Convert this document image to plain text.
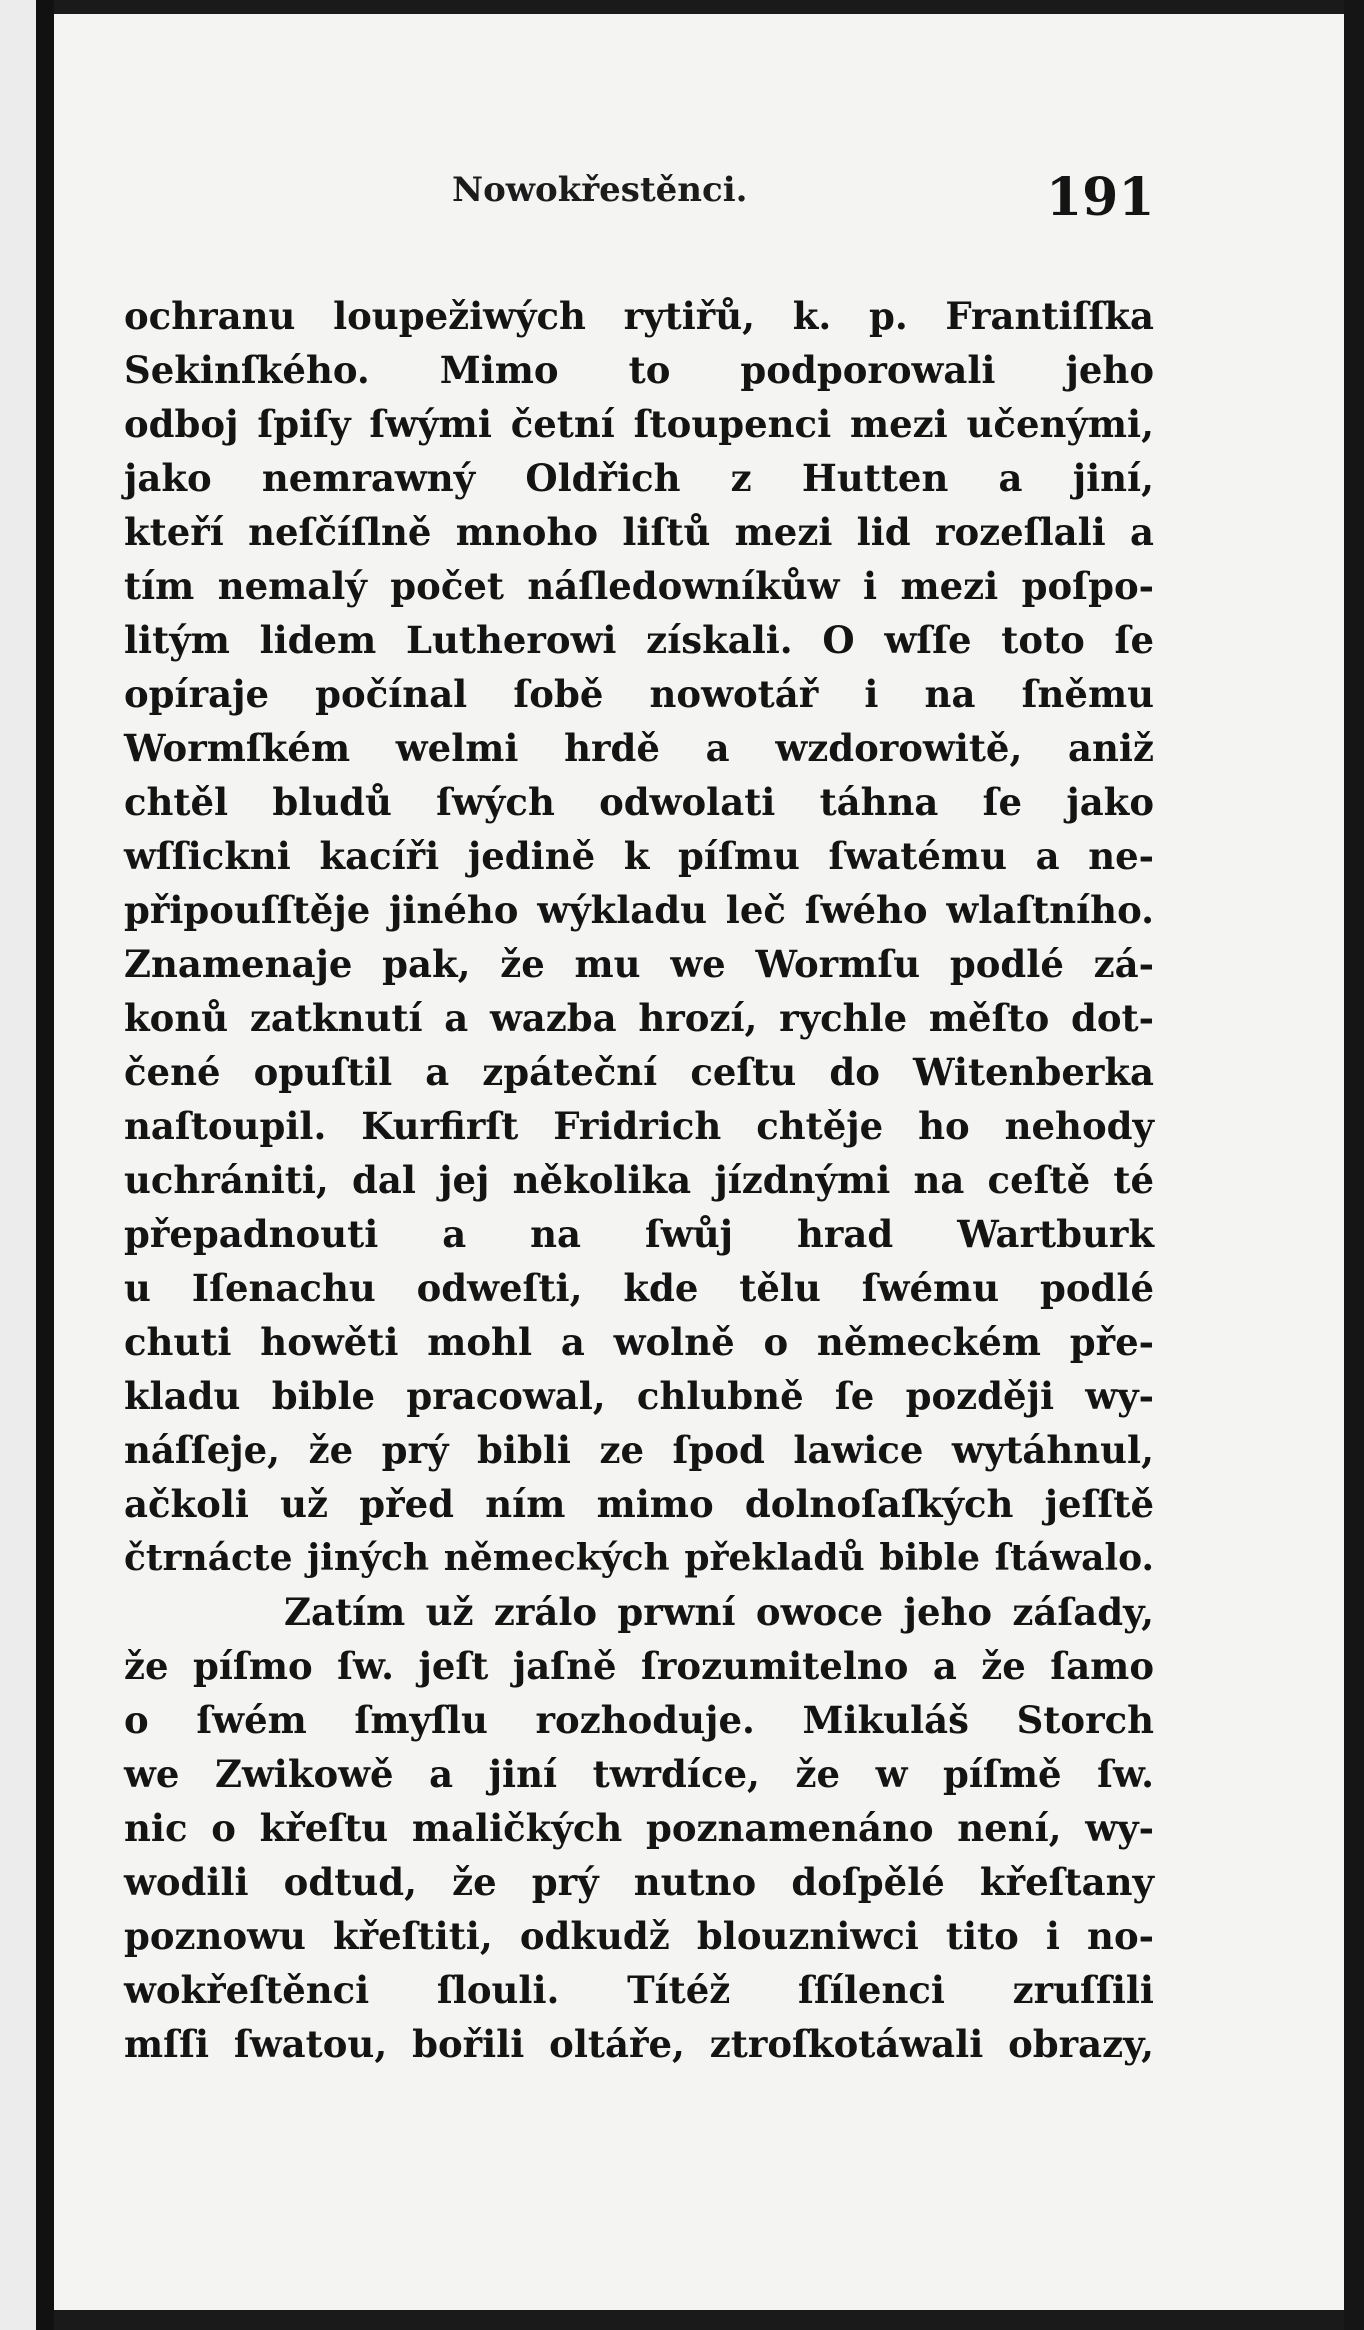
Nowokřestěnci.	191
ochranu loupežiwých rytiřů, k. p. Frantiſſka
Sekinſkého. Mimo to podporowali jeho
odboj ſpiſy ſwými četní ſtoupenci mezi učenými,
jako nemrawný Oldřich z Hutten a jiní,
kteří neſčíſlně mnoho liſtů mezi lid rozeſlali a
tím nemalý počet náſledowníkůw i mezi poſpo-
litým lidem Lutherowi získali. O wſſe toto ſe
opíraje počínal ſobě nowotář i na ſněmu
Wormſkém welmi hrdě a wzdorowitě, aniž
chtěl bludů ſwých odwolati táhna ſe jako
wſſickni kacíři jedině k píſmu ſwatému a ne-
připouſſtěje jiného wýkladu leč ſwého wlaſtního.
Znamenaje pak, že mu we Wormſu podlé zá-
konů zatknutí a wazba hrozí, rychle měſto dot-
čené opuſtil a zpáteční ceſtu do Witenberka
naſtoupil. Kurfirſt Fridrich chtěje ho nehody
uchrániti, dal jej několika jízdnými na ceſtě té
přepadnouti a na ſwůj hrad Wartburk
u Iſenachu odweſti, kde tělu ſwému podlé
chuti howěti mohl a wolně o německém pře-
kladu bible pracowal, chlubně ſe později wy-
náſſeje, že prý bibli ze ſpod lawice wytáhnul,
ačkoli už před ním mimo dolnoſaſkých jeſſtě
čtrnácte jiných německých překladů bible ſtáwalo.
Zatím už zrálo prwní owoce jeho záſady,
že píſmo ſw. jeſt jaſně ſrozumitelno a že ſamo
o ſwém ſmyſlu rozhoduje. Mikuláš Storch
we Zwikowě a jiní twrdíce, že w píſmě ſw.
nic o křeſtu maličkých poznamenáno není, wy-
wodili odtud, že prý nutno doſpělé křeſtany
poznowu křeſtiti, odkudž blouzniwci tito i no-
wokřeſtěnci ſlouli. Títéž ſſílenci zruſſili
mſſi ſwatou, bořili oltáře, ztroſkotáwali obrazy,
